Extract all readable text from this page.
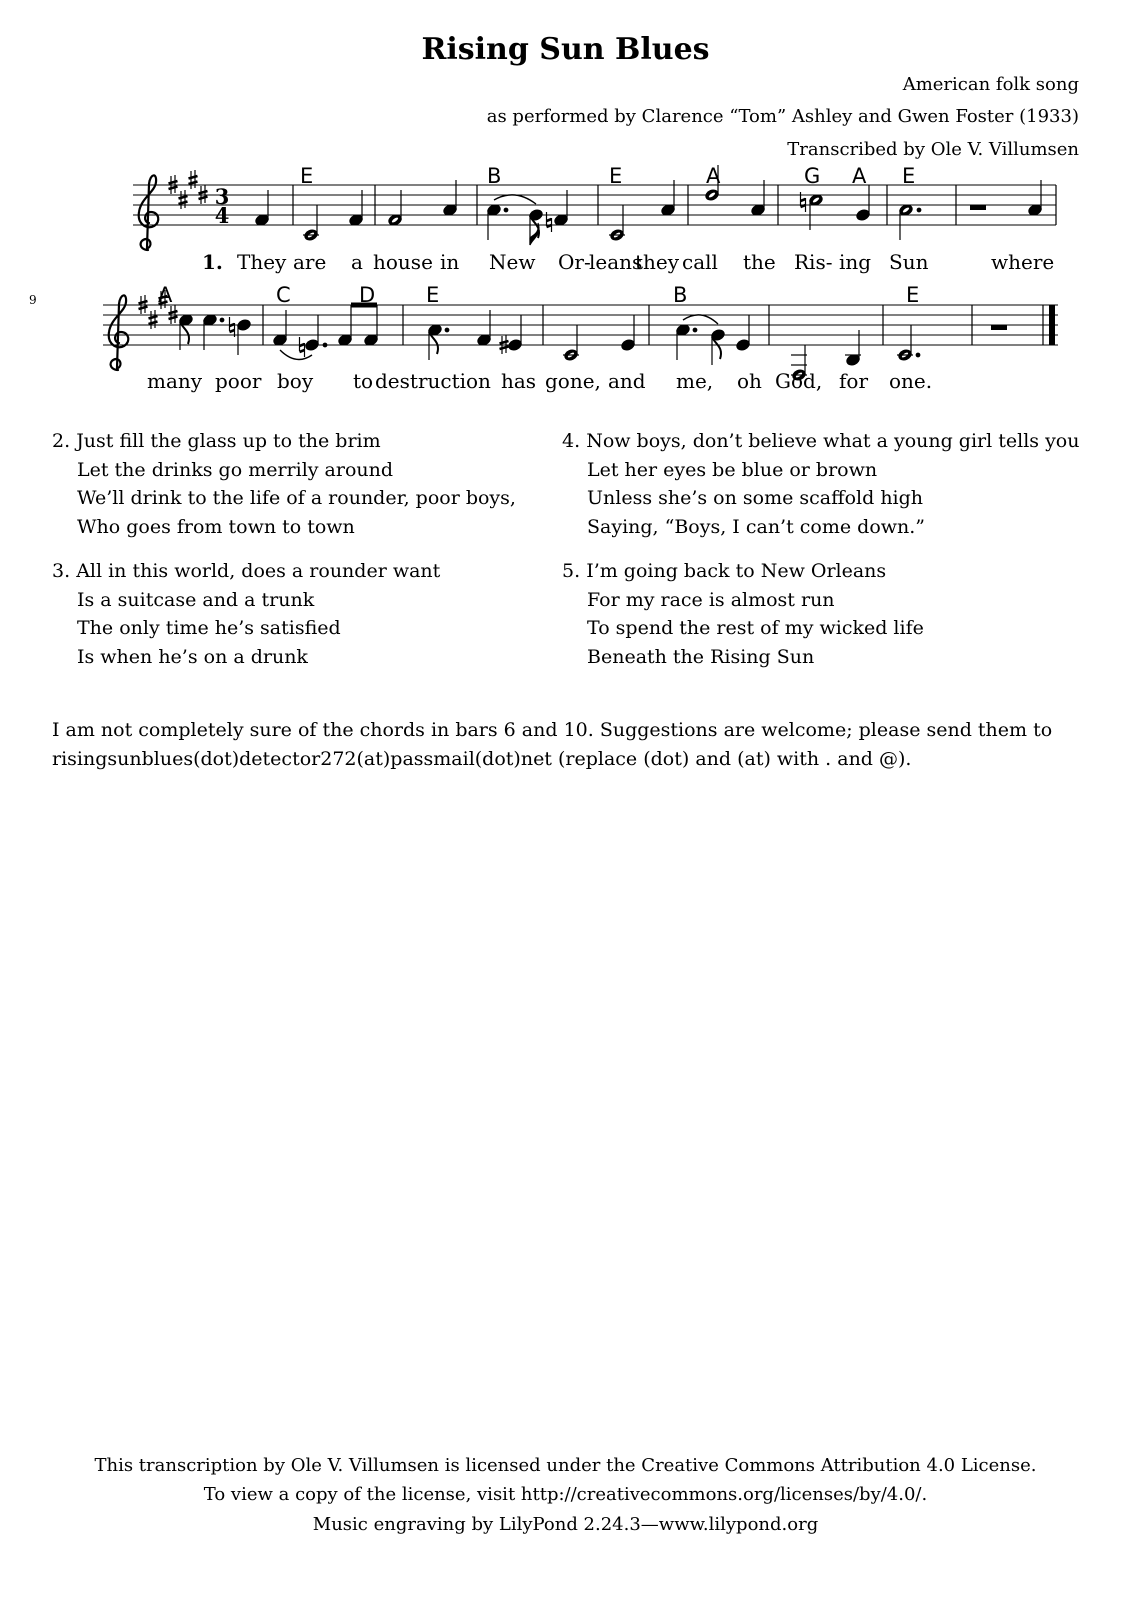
Rising Sun Blues
American folk song
as performed by Clarence “Tom” Ashley and Gwen Foster (1933)
Transcribed by Ole V. Villumsen
3
4
9
E	B	E	A	G A E
1. They are a house in New Or-
leans
they call the Ris- ing Sun	where
A	C	D E	B	E
many poor boy to destruction has gone, and me, oh God, for one.
2. Just fill the glass up to the brim
Let the drinks go merrily around
We’ll drink to the life of a rounder, poor boys,
Who goes from town to town
3. All in this world, does a rounder want
Is a suitcase and a trunk
The only time he’s satisfied
Is when he’s on a drunk
4. Now boys, don’t believe what a young girl tells you
Let her eyes be blue or brown
Unless she’s on some scaffold high
Saying, “Boys, I can’t come down.”
5. I’m going back to New Orleans
For my race is almost run
To spend the rest of my wicked life
Beneath the Rising Sun
I am not completely sure of the chords in bars 6 and 10. Suggestions are welcome; please send them to
risingsunblues(dot)detector272(at)passmail(dot)net (replace (dot) and (at) with . and @).
This transcription by Ole V. Villumsen is licensed under the Creative Commons Attribution 4.0 License.
To view a copy of the license, visit http://creativecommons.org/licenses/by/4.0/.
Music engraving by LilyPond 2.24.3—www.lilypond.org
